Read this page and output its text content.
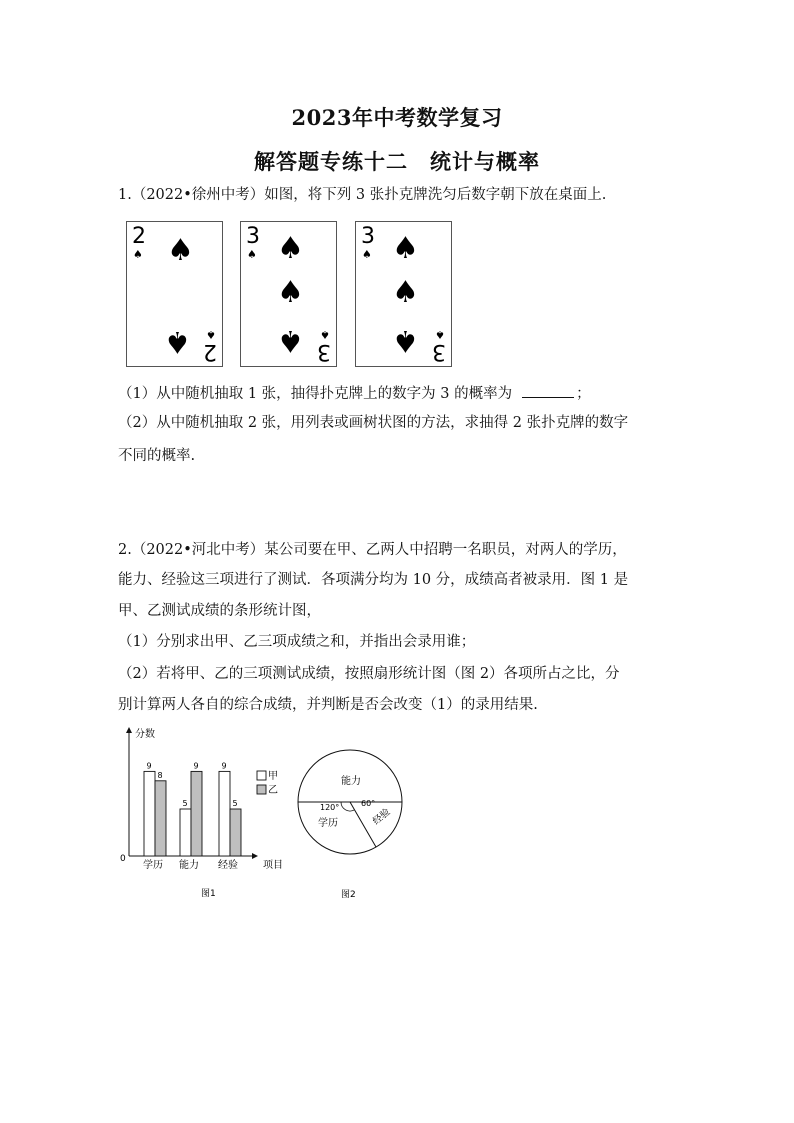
2023年中考数学复习
解答题专练十二　统计与概率
1.（2022•徐州中考）如图，将下列 3 张扑克牌洗匀后数字朝下放在桌面上.
2
♠ ♠
♠ ♠
2
3
♠ ♠
♠
♠ ♠
3
3
♠ ♠
♠
♠ ♠
3
（1）从中随机抽取 1 张，抽得扑克牌上的数字为 3 的概率为	；
（2）从中随机抽取 2 张，用列表或画树状图的方法，求抽得 2 张扑克牌的数字
不同的概率.
2.（2022•河北中考）某公司要在甲、乙两人中招聘一名职员，对两人的学历，
能力、经验这三项进行了测试．各项满分均为 10 分，成绩高者被录用．图 1 是
甲、乙测试成绩的条形统计图，
（1）分别求出甲、乙三项成绩之和，并指出会录用谁；
（2）若将甲、乙的三项测试成绩，按照扇形统计图（图 2）各项所占之比，分
别计算两人各自的综合成绩，并判断是否会改变（1）的录用结果.
分数
项目
0
9
8
学历
5
9
能力
9
5
经验
甲
乙
图1
能力
学历	经验
120°	60°
图2
